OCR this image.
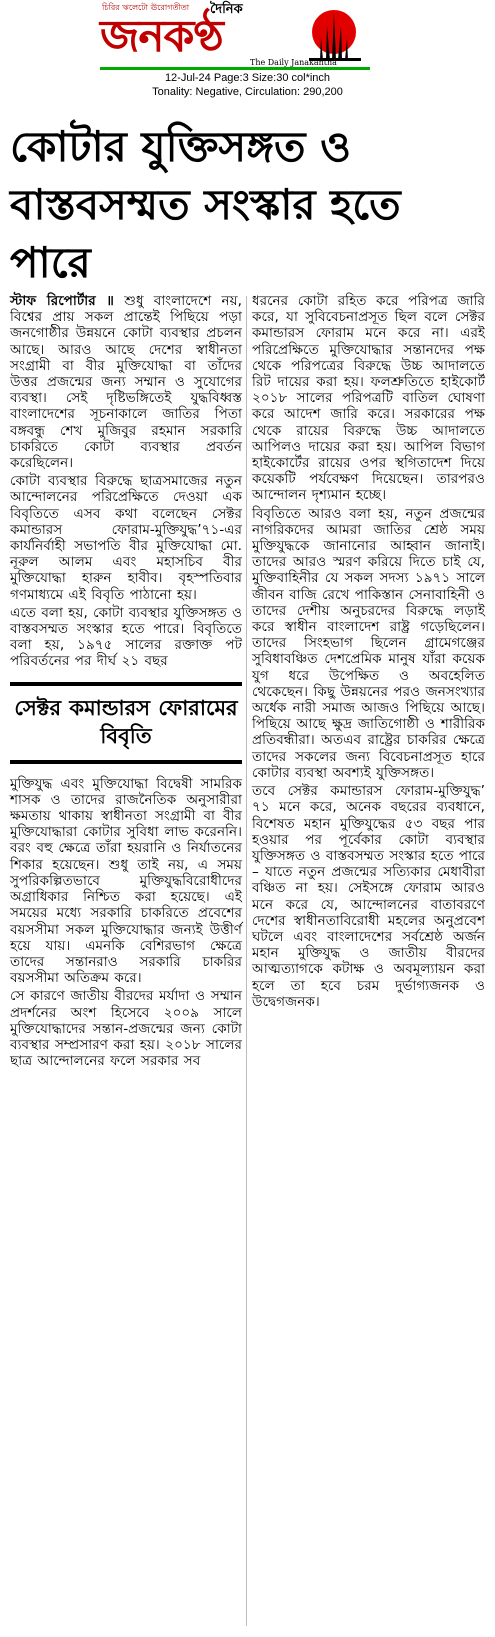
চিরির ঋলেটো ঊরোগতীতা দৈনিক
জনকণ্ঠ
The Daily Janakantha
12-Jul-24 Page:3 Size:30 col*inch
Tonality: Negative, Circulation: 290,200
কোটার যুক্তিসঙ্গত ও বাস্তবসম্মত সংস্কার হতে পারে

স্টাফ রিপোর্টার ॥ শুধু বাংলাদেশে নয়, বিশ্বের প্রায় সকল প্রান্তেই পিছিয়ে পড়া জনগোষ্ঠীর উন্নয়নে কোটা ব্যবস্থার প্রচলন আছে। আরও আছে দেশের স্বাধীনতা সংগ্রামী বা বীর মুক্তিযোদ্ধা বা তাঁদের উত্তর প্রজন্মের জন্য সম্মান ও সুযোগের ব্যবস্থা। সেই দৃষ্টিভঙ্গিতেই যুদ্ধবিধ্বস্ত বাংলাদেশের সূচনাকালে জাতির পিতা বঙ্গবন্ধু শেখ মুজিবুর রহমান সরকারি চাকরিতে কোটা ব্যবস্থার প্রবর্তন করেছিলেন।

কোটা ব্যবস্থার বিরুদ্ধে ছাত্রসমাজের নতুন আন্দোলনের পরিপ্রেক্ষিতে দেওয়া এক বিবৃতিতে এসব কথা বলেছেন সেক্টর কমান্ডারস ফোরাম-মুক্তিযুদ্ধ’৭১-এর কার্যনির্বাহী সভাপতি বীর মুক্তিযোদ্ধা মো. নূরুল আলম এবং মহাসচিব বীর মুক্তিযোদ্ধা হারুন হাবীব। বৃহস্পতিবার গণমাধ্যমে এই বিবৃতি পাঠানো হয়।

এতে বলা হয়, কোটা ব্যবস্থার যুক্তিসঙ্গত ও বাস্তবসম্মত সংস্কার হতে পারে। বিবৃতিতে বলা হয়, ১৯৭৫ সালের রক্তাক্ত পট পরিবর্তনের পর দীর্ঘ ২১ বছর

সেক্টর কমান্ডারস ফোরামের বিবৃতি

মুক্তিযুদ্ধ এবং মুক্তিযোদ্ধা বিদ্বেষী সামরিক শাসক ও তাদের রাজনৈতিক অনুসারীরা ক্ষমতায় থাকায় স্বাধীনতা সংগ্রামী বা বীর মুক্তিযোদ্ধারা কোটার সুবিধা লাভ করেননি। বরং বহু ক্ষেত্রে তাঁরা হয়রানি ও নির্যাতনের শিকার হয়েছেন। শুধু তাই নয়, এ সময় সুপরিকল্পিতভাবে মুক্তিযুদ্ধবিরোধীদের অগ্রাধিকার নিশ্চিত করা হয়েছে। এই সময়ের মধ্যে সরকারি চাকরিতে প্রবেশের বয়সসীমা সকল মুক্তিযোদ্ধার জন্যই উত্তীর্ণ হয়ে যায়। এমনকি বেশিরভাগ ক্ষেত্রে তাদের সন্তানরাও সরকারি চাকরির বয়সসীমা অতিক্রম করে।

সে কারণে জাতীয় বীরদের মর্যাদা ও সম্মান প্রদর্শনের অংশ হিসেবে ২০০৯ সালে মুক্তিযোদ্ধাদের সন্তান-প্রজন্মের জন্য কোটা ব্যবস্থার সম্প্রসারণ করা হয়। ২০১৮ সালের ছাত্র আন্দোলনের ফলে সরকার সব

ধরনের কোটা রহিত করে পরিপত্র জারি করে, যা সুবিবেচনাপ্রসূত ছিল বলে সেক্টর কমান্ডারস ফোরাম মনে করে না। এরই পরিপ্রেক্ষিতে মুক্তিযোদ্ধার সন্তানদের পক্ষ থেকে পরিপত্রের বিরুদ্ধে উচ্চ আদালতে রিট দায়ের করা হয়। ফলশ্রুতিতে হাইকোর্ট ২০১৮ সালের পরিপত্রটি বাতিল ঘোষণা করে আদেশ জারি করে। সরকারের পক্ষ থেকে রায়ের বিরুদ্ধে উচ্চ আদালতে আপিলও দায়ের করা হয়। আপিল বিভাগ হাইকোর্টের রায়ের ওপর স্থগিতাদেশ দিয়ে কয়েকটি পর্যবেক্ষণ দিয়েছেন। তারপরও আন্দোলন দৃশ্যমান হচ্ছে।

বিবৃতিতে আরও বলা হয়, নতুন প্রজন্মের নাগরিকদের আমরা জাতির শ্রেষ্ঠ সময় মুক্তিযুদ্ধকে জানানোর আহ্বান জানাই। তাদের আরও স্মরণ করিয়ে দিতে চাই যে, মুক্তিবাহিনীর যে সকল সদস্য ১৯৭১ সালে জীবন বাজি রেখে পাকিস্তান সেনাবাহিনী ও তাদের দেশীয় অনুচরদের বিরুদ্ধে লড়াই করে স্বাধীন বাংলাদেশ রাষ্ট্র গড়েছিলেন। তাদের সিংহভাগ ছিলেন গ্রামেগঞ্জের সুবিধাবঞ্চিত দেশপ্রেমিক মানুষ যাঁরা কয়েক যুগ ধরে উপেক্ষিত ও অবহেলিত থেকেছেন। কিছু উন্নয়নের পরও জনসংখ্যার অর্ধেক নারী সমাজ আজও পিছিয়ে আছে। পিছিয়ে আছে ক্ষুদ্র জাতিগোষ্ঠী ও শারীরিক প্রতিবন্ধীরা। অতএব রাষ্ট্রের চাকরির ক্ষেত্রে তাদের সকলের জন্য বিবেচনাপ্রসূত হারে কোটার ব্যবস্থা অবশ্যই যুক্তিসঙ্গত।

তবে সেক্টর কমান্ডারস ফোরাম-মুক্তিযুদ্ধ’ ৭১ মনে করে, অনেক বছরের ব্যবধানে, বিশেষত মহান মুক্তিযুদ্ধের ৫৩ বছর পার হওয়ার পর পূর্বেকার কোটা ব্যবস্থার যুক্তিসঙ্গত ও বাস্তবসম্মত সংস্কার হতে পারে – যাতে নতুন প্রজন্মের সত্যিকার মেধাবীরা বঞ্চিত না হয়। সেইসঙ্গে ফোরাম আরও মনে করে যে, আন্দোলনের বাতাবরণে দেশের স্বাধীনতাবিরোধী মহলের অনুপ্রবেশ ঘটলে এবং বাংলাদেশের সর্বশ্রেষ্ঠ অর্জন মহান মুক্তিযুদ্ধ ও জাতীয় বীরদের আত্মত্যাগকে কটাক্ষ ও অবমূল্যায়ন করা হলে তা হবে চরম দুর্ভাগ্যজনক ও উদ্বেগজনক।
